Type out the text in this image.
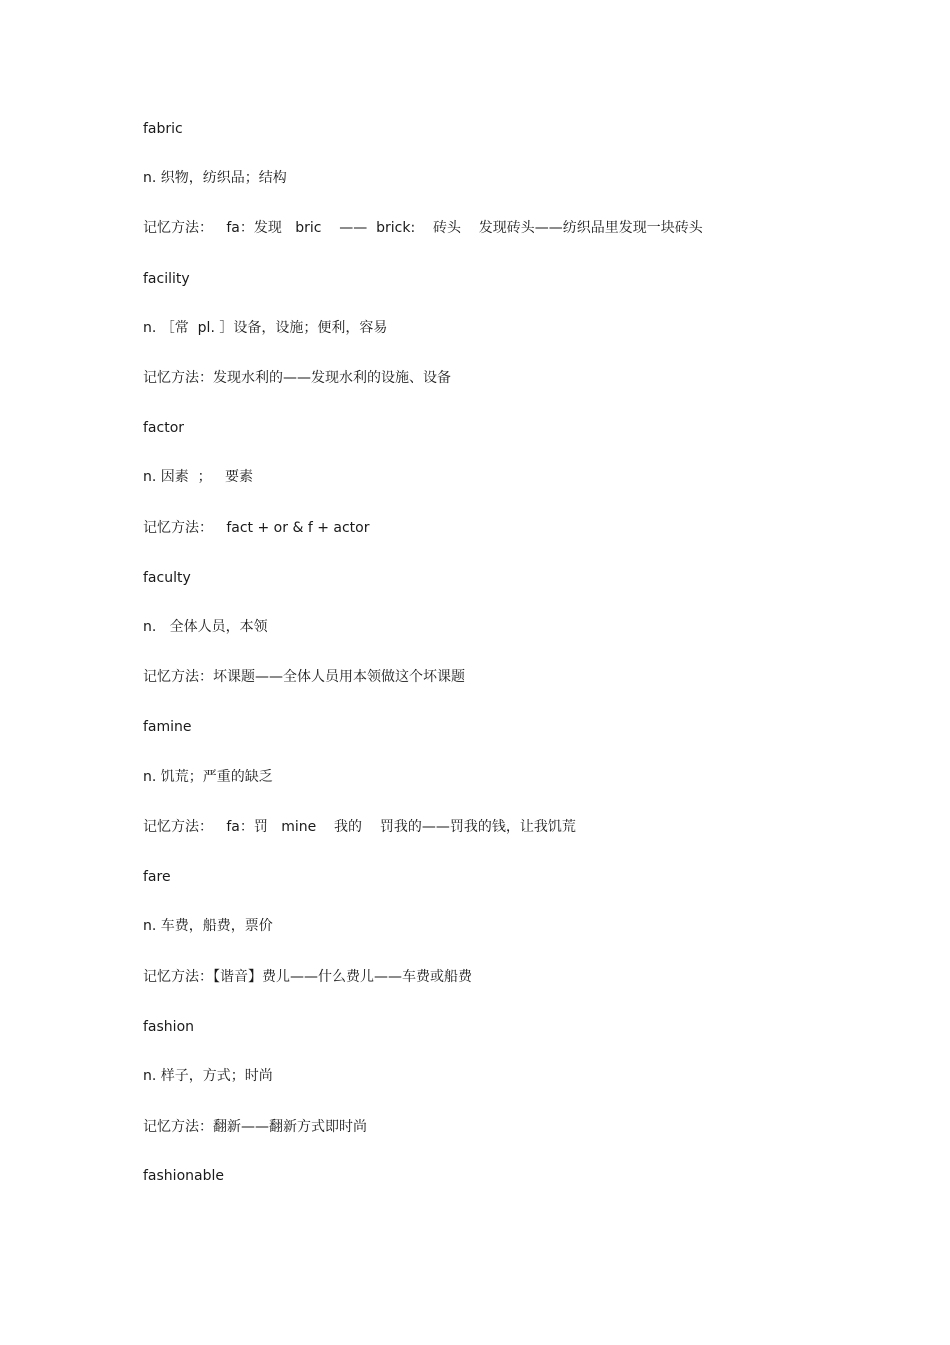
fabric

n. 织物，纺织品；结构

记忆方法：   fa：发现   bric    ——  brick:    砖头    发现砖头——纺织品里发现一块砖头

facility

n. ［常  pl. ］设备，设施；便利，容易

记忆方法：发现水利的——发现水利的设施、设备

factor

n. 因素  ；   要素

记忆方法：   fact + or & f + actor

faculty

n.   全体人员，本领

记忆方法：坏课题——全体人员用本领做这个坏课题

famine

n. 饥荒；严重的缺乏

记忆方法：   fa：罚   mine    我的    罚我的——罚我的钱，让我饥荒

fare

n. 车费，船费，票价

记忆方法：【谐音】费儿——什么费儿——车费或船费

fashion

n. 样子，方式；时尚

记忆方法：翻新——翻新方式即时尚

fashionable
